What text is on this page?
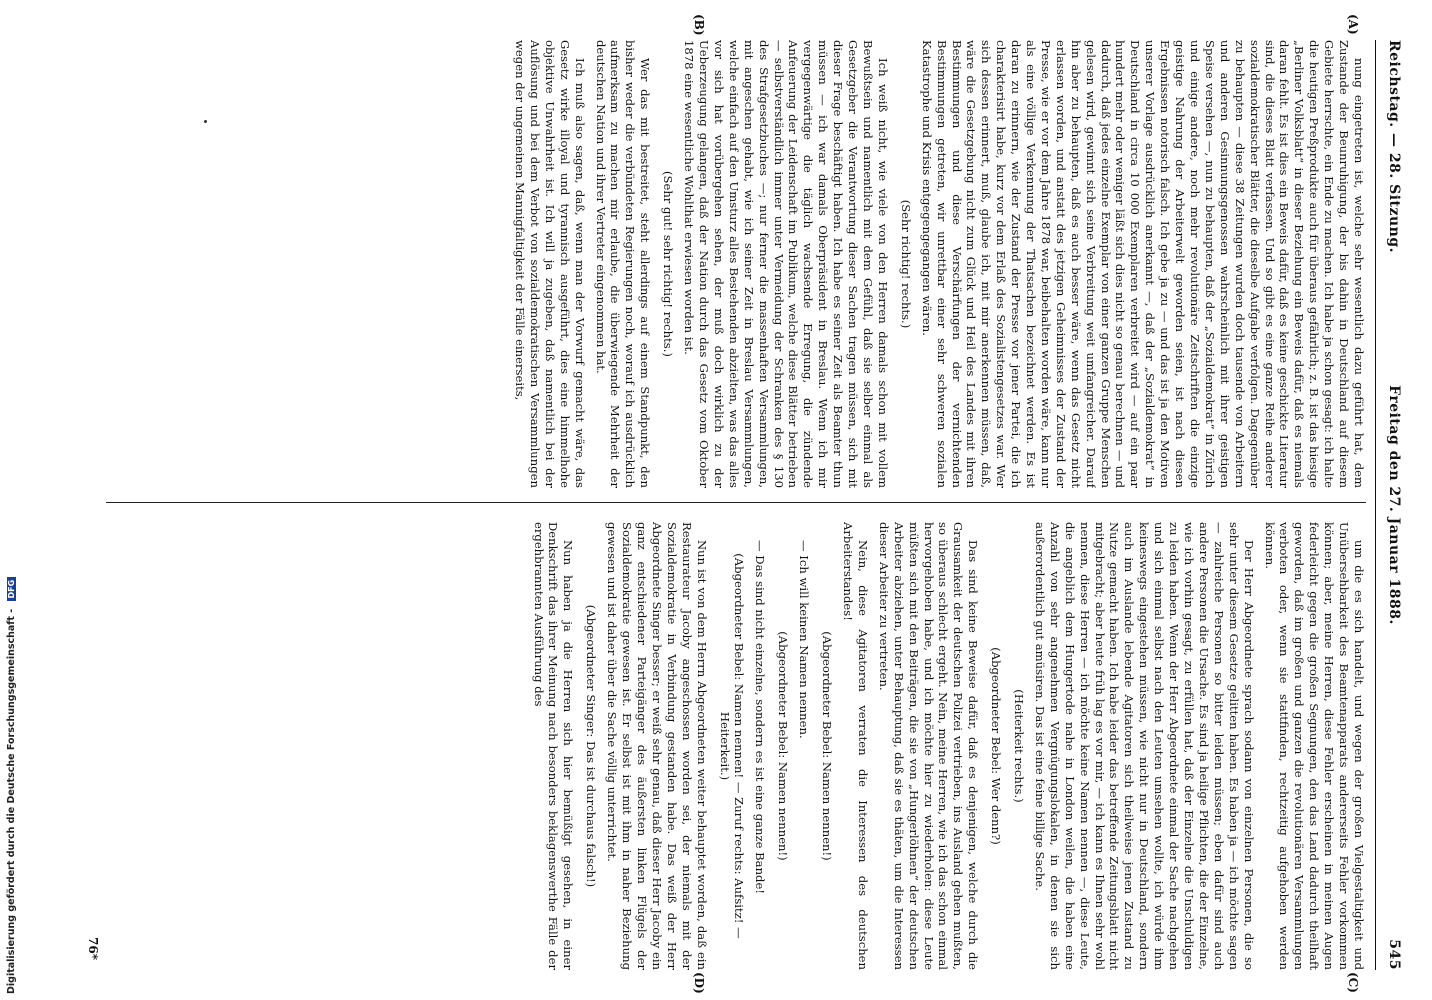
Reichstag. — 28. Sitzung.
Freitag den 27. Januar 1888.
545
(A)
(B)
(C)
(D)

nung eingetreten ist, welche sehr wesentlich dazu geführt hat, dem Zustande der Beunruhigung, der bis dahin in Deutschland auf diesem Gebiete herrschte, ein Ende zu machen. Ich habe ja schon gesagt: ich halte die heutigen Preßprodukte auch für überaus gefährlich; z. B. ist das hiesige „Berliner Volksblatt“ in dieser Beziehung ein Beweis dafür, daß es niemals daran fehlt. Es ist dies ein Beweis dafür, daß es keine geschickte Literatur sind, die dieses Blatt verfassen. Und so gibt es eine ganze Reihe anderer sozialdemokratischer Blätter, die dieselbe Aufgabe verfolgen. Dagegenüber zu behaupten — diese 38 Zeitungen wurden doch tausende von Arbeitern und anderen Gesinnungsgenossen wahrscheinlich mit ihrer geistigen Speise versehen —, nun zu behaupten, daß der „Sozialdemokrat“ in Zürich und einige andere, noch mehr revolutionäre Zeitschriften die einzige geistige Nahrung der Arbeiterwelt geworden seien, ist nach diesen Ergebnissen notorisch falsch. Ich gebe ja zu — und das ist ja den Motiven unserer Vorlage ausdrücklich anerkannt —, daß der „Sozialdemokrat“ in Deutschland in circa 10 000 Exemplaren verbreitet wird — auf ein paar hundert mehr oder weniger läßt sich dies nicht so genau berechnen — und dadurch, daß jedes einzelne Exemplar von einer ganzen Gruppe Menschen gelesen wird, gewinnt sich seine Verbreitung weit umfangreicher. Darauf hin aber zu behaupten, daß es auch besser wäre, wenn das Gesetz nicht erlassen worden, und anstatt des jetzigen Geheimnisses der Zustand der Presse, wie er vor dem Jahre 1878 war, beibehalten worden wäre, kann nur als eine völlige Verkennung der Thatsachen bezeichnet werden. Es ist daran zu erinnern, wie der Zustand der Presse vor jener Partei, die ich charakterisirt habe, kurz vor dem Erlaß des Sozialistengesetzes war. Wer sich dessen erinnert, muß, glaube ich, mit mir anerkennen müssen, daß, wäre die Gesetzgebung nicht zum Glück und Heil des Landes mit ihren Bestimmungen und diese Verschärfungen der vernichtenden Bestimmungen getreten, wir unrettbar einer sehr schweren sozialen Katastrophe und Krisis entgegengegangen wären.

(Sehr richtig! rechts.)

Ich weiß nicht, wie viele von den Herren damals schon mit vollem Bewußtsein und namentlich mit dem Gefühl, daß sie selber einmal als Gesetzgeber die Verantwortung dieser Sachen tragen müssen, sich mit dieser Frage beschäftigt haben. Ich habe es seiner Zeit als Beamter thun müssen — ich war damals Oberpräsident in Breslau. Wenn ich mir vergegenwärtige die täglich wachsende Erregung, die zündende Anfeuerung der Leidenschaft im Publikum, welche diese Blätter betrieben — selbstverständlich immer unter Vermeidung der Schranken des § 130 des Strafgesetzbuches —; nur ferner die massenhaften Versammlungen, mit angeschen gehabt, wie ich seiner Zeit in Breslau Versammlungen, welche einfach auf den Umsturz alles Bestehenden abzielten, was das alles vor sich hat vorübergehen sehen, der muß doch wirklich zu der Ueberzeugung gelangen, daß der Nation durch das Gesetz vom Oktober 1878 eine wesentliche Wohlthat erwiesen worden ist.

(Sehr gut! sehr richtig! rechts.)

Wer das mit bestreitet, steht allerdings auf einem Standpunkt, den bisher weder die verbündeten Regierungen noch, worauf ich ausdrücklich aufmerksam zu machen mir erlaube, die überwiegende Mehrheit der deutschen Nation und ihrer Vertreter eingenommen hat.

Ich muß also sagen, daß, wenn man der Vorwurf gemacht wäre, das Gesetz wirke illoyal und tyrannisch ausgeführt, dies eine himmelhohe objektive Unwahrheit ist. Ich will ja zugeben, daß namentlich bei der Auflösung und bei dem Verbot von sozialdemokratischen Versammlungen wegen der ungemeinen Mannigfaltigkeit der Fälle einerseits,

um die es sich handelt, und wegen der großen Vielgestaltigkeit und Unübersehbarkeit des Beamtenapparats andererseits Fehler vorkommen können; aber, meine Herren, diese Fehler erscheinen in meinen Augen federleicht gegen die großen Segnungen, den das Land dadurch theilhaft geworden, daß im großen und ganzen die revolutionären Versammlungen verboten oder, wenn sie stattfinden, rechtzeitig aufgehoben werden können.

Der Herr Abgeordnete sprach sodann von einzelnen Personen, die so sehr unter diesem Gesetze gelitten haben. Es haben ja — ich möchte sagen — zahlreiche Personen so bitter leiden müssen; eben dafür sind auch andere Personen die Ursache. Es sind ja heilige Pflichten, die der Einzelne, wie ich vorhin gesagt, zu erfüllen hat, daß der Einzelne die Unschuldigen zu leiden haben. Wenn der Herr Abgeordnete einmal der Sache nachgehen und sich einmal selbst nach den Leuten umsehen wollte, ich würde ihm keineswegs eingestehen müssen, wie nicht nur in Deutschland, sondern auch im Auslande lebende Agitatoren sich theilweise jenen Zustand zu Nutze gemacht haben. Ich habe leider das betreffende Zeitungsblatt nicht mitgebracht; aber heute früh lag es vor mir, — ich kann es Ihnen sehr wohl nennen, diese Herren — ich möchte keine Namen nennen —, diese Leute, die angeblich dem Hungertode nahe in London weilen, die haben eine Anzahl von sehr angenehmen Vergnügungslokalen, in denen sie sich außerordentlich gut amüsiren. Das ist eine feine billige Sache.

(Heiterkeit rechts.)

(Abgeordneter Bebel: Wer denn?)

Das sind keine Beweise dafür, daß es denjenigen, welche durch die Grausamkeit der deutschen Polizei vertrieben, ins Ausland gehen mußten, so überaus schlecht ergeht. Nein, meine Herren, wie ich das schon einmal hervorgehoben habe, und ich möchte hier zu wiederholen: diese Leute müßten sich mit den Beiträgen, die sie von „Hungerlöhnen“ der deutschen Arbeiter abziehen, unter Behauptung, daß sie es thäten, um die Interessen dieser Arbeiter zu vertreten.

Nein, diese Agitatoren verraten die Interessen des deutschen Arbeiterstandes!

(Abgeordneter Bebel: Namen nennen!)

— Ich will keinen Namen nennen.

(Abgeordneter Bebel: Namen nennen!)

— Das sind nicht einzelne, sondern es ist eine ganze Bande!

(Abgeordneter Bebel: Namen nennen! — Zuruf rechts: Aufsitz! — Heiterkeit.)

Nun ist von dem Herrn Abgeordneten weiter behauptet worden, daß ein Restaurateur Jacoby angeschossen worden sei, der niemals mit der Sozialdemokratie in Verbindung gestanden habe. Das weiß der Herr Abgeordnete Singer besser; er weiß sehr genau, daß dieser Herr Jacoby ein ganz entschiedener Parteigänger des äußersten linken Flügels der Sozialdemokratie gewesen ist. Er selbst ist mit ihm in naher Beziehung gewesen und ist daher über die Sache völlig unterrichtet.

(Abgeordneter Singer: Das ist durchaus falsch!)

Nun haben ja die Herren sich hier bemüßigt gesehen, in einer Denkschrift das ihrer Meinung nach besonders beklagenswerthe Fälle der ergehbrannten Ausführung des

76*
Digitalisierung gefördert durch die Deutsche Forschungsgemeinschaft - DFG
